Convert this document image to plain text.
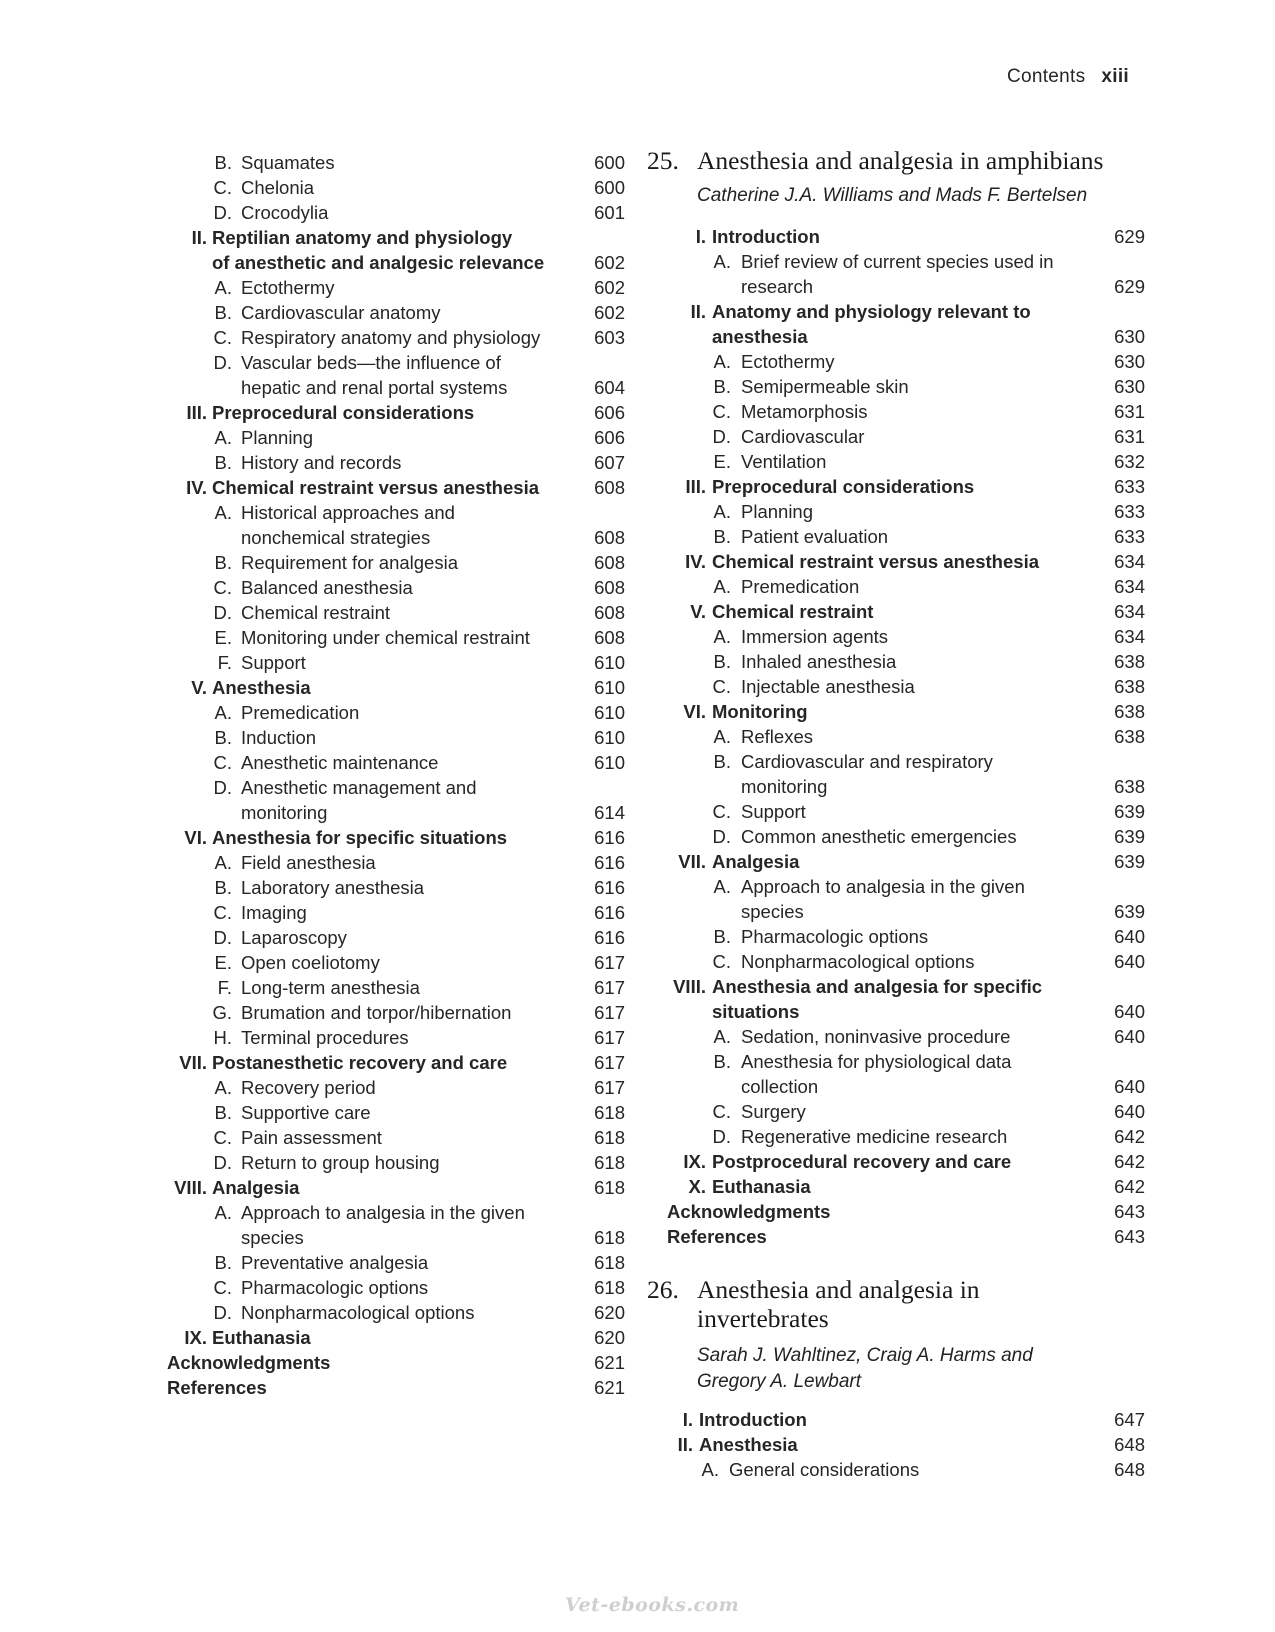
Contents xiii
B. Squamates	600
C. Chelonia	600
D. Crocodylia	601
II. Reptilian anatomy and physiology
of anesthetic and analgesic relevance	602
A. Ectothermy	602
B. Cardiovascular anatomy	602
C. Respiratory anatomy and physiology	603
D. Vascular beds—the influence of
hepatic and renal portal systems	604
III. Preprocedural considerations	606
A. Planning	606
B. History and records	607
IV. Chemical restraint versus anesthesia	608
A. Historical approaches and
nonchemical strategies	608
B. Requirement for analgesia	608
C. Balanced anesthesia	608
D. Chemical restraint	608
E. Monitoring under chemical restraint	608
F. Support	610
V. Anesthesia	610
A. Premedication	610
B. Induction	610
C. Anesthetic maintenance	610
D. Anesthetic management and
monitoring	614
VI. Anesthesia for specific situations	616
A. Field anesthesia	616
B. Laboratory anesthesia	616
C. Imaging	616
D. Laparoscopy	616
E. Open coeliotomy	617
F. Long-term anesthesia	617
G. Brumation and torpor/hibernation	617
H. Terminal procedures	617
VII. Postanesthetic recovery and care	617
A. Recovery period	617
B. Supportive care	618
C. Pain assessment	618
D. Return to group housing	618
VIII. Analgesia	618
A. Approach to analgesia in the given
species	618
B. Preventative analgesia	618
C. Pharmacologic options	618
D. Nonpharmacological options	620
IX. Euthanasia	620
Acknowledgments	621
References	621
25. Anesthesia and analgesia in amphibians
Catherine J.A. Williams and Mads F. Bertelsen
I. Introduction	629
A. Brief review of current species used in
research	629
II. Anatomy and physiology relevant to
anesthesia	630
A. Ectothermy	630
B. Semipermeable skin	630
C. Metamorphosis	631
D. Cardiovascular	631
E. Ventilation	632
III. Preprocedural considerations	633
A. Planning	633
B. Patient evaluation	633
IV. Chemical restraint versus anesthesia	634
A. Premedication	634
V. Chemical restraint	634
A. Immersion agents	634
B. Inhaled anesthesia	638
C. Injectable anesthesia	638
VI. Monitoring	638
A. Reflexes	638
B. Cardiovascular and respiratory
monitoring	638
C. Support	639
D. Common anesthetic emergencies	639
VII. Analgesia	639
A. Approach to analgesia in the given
species	639
B. Pharmacologic options	640
C. Nonpharmacological options	640
VIII. Anesthesia and analgesia for specific
situations	640
A. Sedation, noninvasive procedure	640
B. Anesthesia for physiological data
collection	640
C. Surgery	640
D. Regenerative medicine research	642
IX. Postprocedural recovery and care	642
X. Euthanasia	642
Acknowledgments	643
References	643
26. Anesthesia and analgesia in
invertebrates
Sarah J. Wahltinez, Craig A. Harms and
Gregory A. Lewbart
I. Introduction	647
II. Anesthesia	648
A. General considerations	648
Vet-ebooks.com
